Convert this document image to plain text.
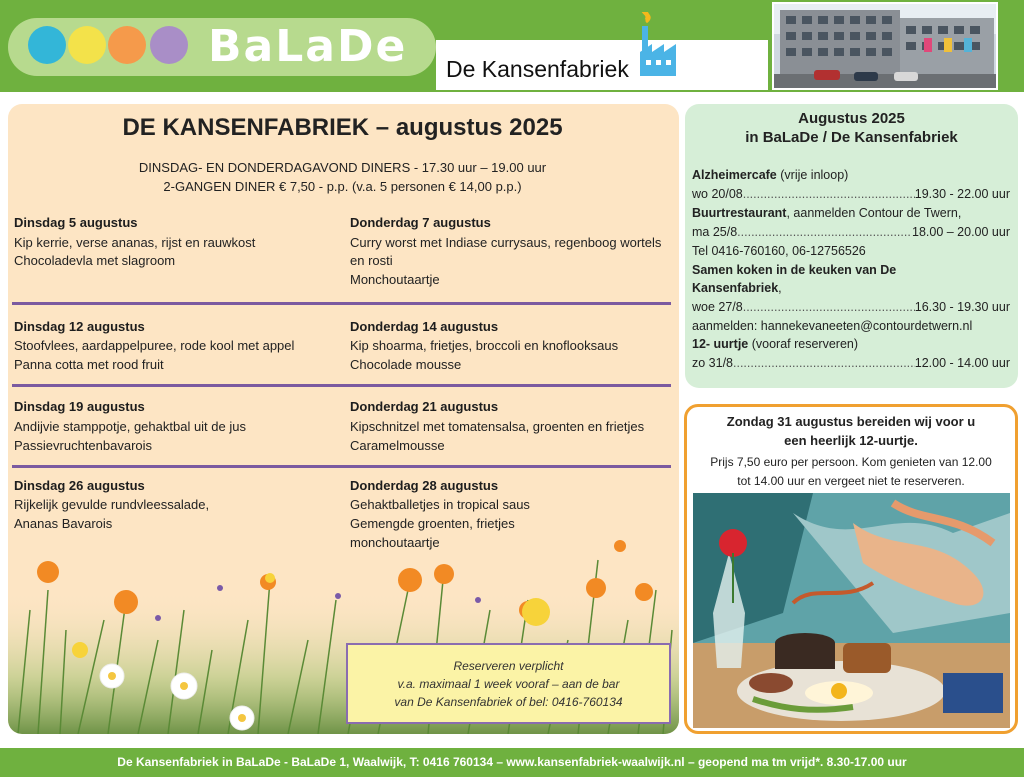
BaLaDe De Kansenfabriek
DE KANSENFABRIEK – augustus 2025
DINSDAG- EN DONDERDAGAVOND DINERS - 17.30 uur – 19.00 uur
2-GANGEN DINER € 7,50 - p.p. (v.a. 5 personen € 14,00 p.p.)
Dinsdag 5 augustus
Kip kerrie, verse ananas, rijst en rauwkost
Chocoladevla met slagroom
Donderdag 7 augustus
Curry worst met Indiase currysaus, regenboog wortels
en rosti
Monchoutaartje
Dinsdag 12 augustus
Stoofvlees, aardappelpuree, rode kool met appel
Panna cotta met rood fruit
Donderdag 14 augustus
Kip shoarma, frietjes, broccoli en knoflooksaus
Chocolade mousse
Dinsdag 19 augustus
Andijvie stamppotje, gehaktbal uit de jus
Passievruchtenbavarois
Donderdag 21 augustus
Kipschnitzel met tomatensalsa, groenten en frietjes
Caramelmousse
Dinsdag 26 augustus
Rijkelijk gevulde rundvleessalade,
Ananas Bavarois
Donderdag 28 augustus
Gehaktballetjes in tropical saus
Gemengde groenten, frietjes
monchoutaartje
Reserveren verplicht
v.a. maximaal 1 week vooraf – aan de bar
van De Kansenfabriek of bel: 0416-760134
Augustus 2025
in BaLaDe / De Kansenfabriek
Alzheimercafe (vrije inloop)
wo 20/08 .....	19.30 - 22.00 uur
Buurtrestaurant, aanmelden Contour de Twern,
ma 25/8 .....	18.00 – 20.00 uur
Tel 0416-760160, 06-12756526
Samen koken in de keuken van De
Kansenfabriek,
woe 27/8 .....	16.30 - 19.30 uur
aanmelden: hannekevaneeten@contourdetwern.nl
12- uurtje (vooraf reserveren)
zo 31/8 .....	12.00 - 14.00 uur
Zondag 31 augustus bereiden wij voor u
een heerlijk 12-uurtje.
Prijs 7,50 euro per persoon. Kom genieten van 12.00
tot 14.00 uur en vergeet niet te reserveren.
De Kansenfabriek in BaLaDe - BaLaDe 1, Waalwijk, T: 0416 760134 – www.kansenfabriek-waalwijk.nl – geopend ma tm vrijd*. 8.30-17.00 uur
